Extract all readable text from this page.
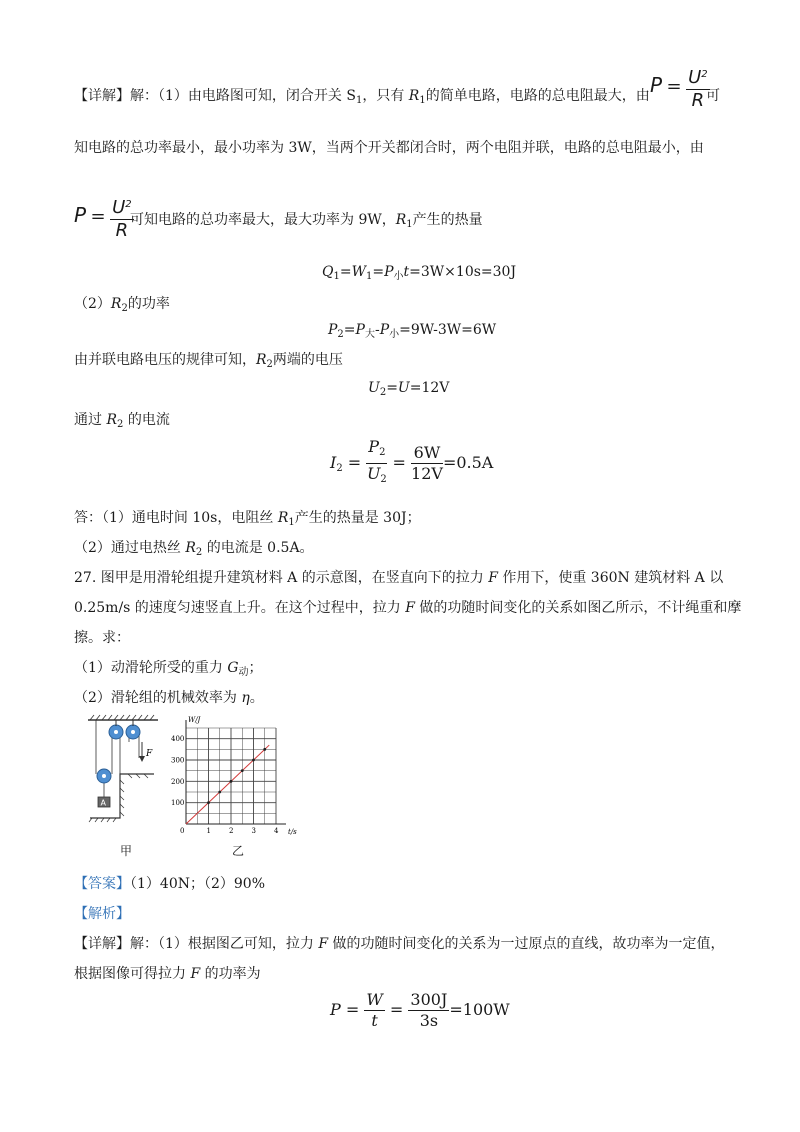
【详解】解：（1）由电路图可知，闭合开关 $S_1$，只有 $R_1$的简单电路，电路的总电阻最大，由 $P = \frac{U^2}{R}$
可
知电路的总功率最小，最小功率为 3W，当两个开关都闭合时，两个电阻并联，电路的总电阻最小，由
$P = \frac{U^2}{R}$
可知电路的总功率最大，最大功率为 9W，$R_1$产生的热量
$Q_1=W_1=P_小t=3W\times 10s=30J$
$(2)R_2$的功率
$P_2=P_大-P_小=9W-3W=6W$
由并联电路电压的规律可知，$R_2$两端的电压
$U_2=U=12V$
通过 $R_2$ 的电流
$I_2 = \frac{P_2}{U_2} = \frac{6W}{12V} =0.5A$
答：（1）通电时间 10s，电阻丝 $R_1$产生的热量是 30J；
（2）通过电热丝 $R_2$ 的电流是 0.5A。
27. 图甲是用滑轮组提升建筑材料 A 的示意图，在竖直向下的拉力 F 作用下，使重 360N 建筑材料 A 以
0.25m/s 的速度匀速竖直上升。在这个过程中，拉力 F 做的功随时间变化的关系如图乙所示，不计绳重和摩
擦。求：
（1）动滑轮所受的重力 $G_动$；
（2）滑轮组的机械效率为 η。
F
A
1	2	3	4
100
200
300
400
W/J
t/s
0
甲	乙
【答案】（1）40N；（2）90%
【解析】
【详解】解：（1）根据图乙可知，拉力 F 做的功随时间变化的关系为一过原点的直线，故功率为一定值，
根据图像可得拉力 F 的功率为
$P = \frac{W}{t} = \frac{300J}{3s} =100W$
